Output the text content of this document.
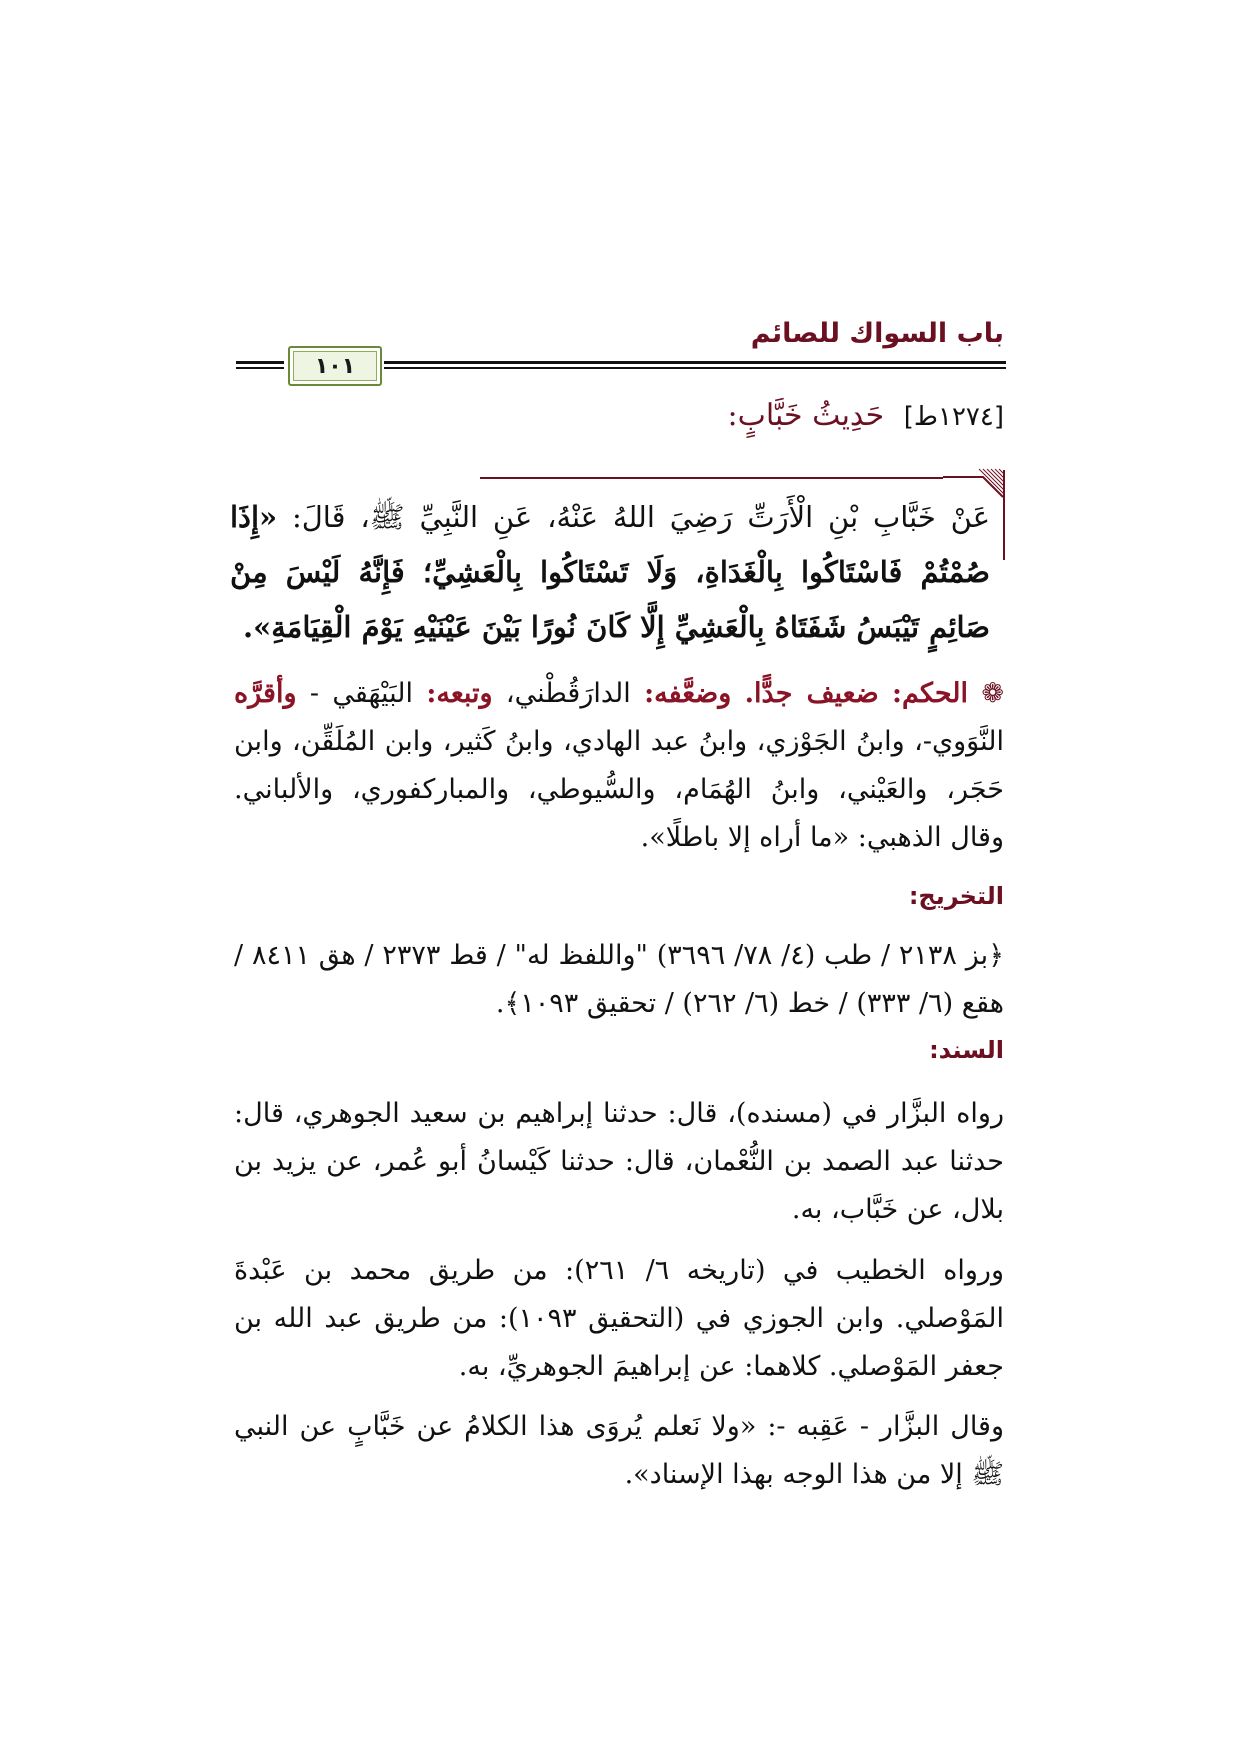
باب السواك للصائم
١٠١
[١٢٧٤ط] حَدِيثُ خَبَّابٍ:
عَنْ خَبَّابِ بْنِ الْأَرَتِّ رَضِيَ اللهُ عَنْهُ، عَنِ النَّبِيِّ ﷺ، قَالَ: «إِذَا صُمْتُمْ فَاسْتَاكُوا بِالْغَدَاةِ، وَلَا تَسْتَاكُوا بِالْعَشِيِّ؛ فَإِنَّهُ لَيْسَ مِنْ صَائِمٍ تَيْبَسُ شَفَتَاهُ بِالْعَشِيِّ إِلَّا كَانَ نُورًا بَيْنَ عَيْنَيْهِ يَوْمَ الْقِيَامَةِ».
❁ الحكم: ضعيف جدًّا. وضعَّفه: الدارَقُطْني، وتبعه: البَيْهَقي - وأقرَّه النَّوَوي-، وابنُ الجَوْزي، وابنُ عبد الهادي، وابنُ كَثير، وابن المُلَقِّن، وابن حَجَر، والعَيْني، وابنُ الهُمَام، والسُّيوطي، والمباركفوري، والألباني. وقال الذهبي: «ما أراه إلا باطلًا».
التخريج:
﴿بز ٢١٣٨ / طب (٤/ ٧٨/ ٣٦٩٦) "واللفظ له" / قط ٢٣٧٣ / هق ٨٤١١ / هقع (٦/ ٣٣٣) / خط (٦/ ٢٦٢) / تحقيق ١٠٩٣﴾.
السند:
رواه البزَّار في (مسنده)، قال: حدثنا إبراهيم بن سعيد الجوهري، قال: حدثنا عبد الصمد بن النُّعْمان، قال: حدثنا كَيْسانُ أبو عُمر، عن يزيد بن بلال، عن خَبَّاب، به.
ورواه الخطيب في (تاريخه ٦/ ٢٦١): من طريق محمد بن عَبْدةَ المَوْصلي. وابن الجوزي في (التحقيق ١٠٩٣): من طريق عبد الله بن جعفر المَوْصلي. كلاهما: عن إبراهيمَ الجوهريِّ، به.
وقال البزَّار - عَقِبه -: «ولا نَعلم يُروَى هذا الكلامُ عن خَبَّابٍ عن النبي ﷺ إلا من هذا الوجه بهذا الإسناد».
